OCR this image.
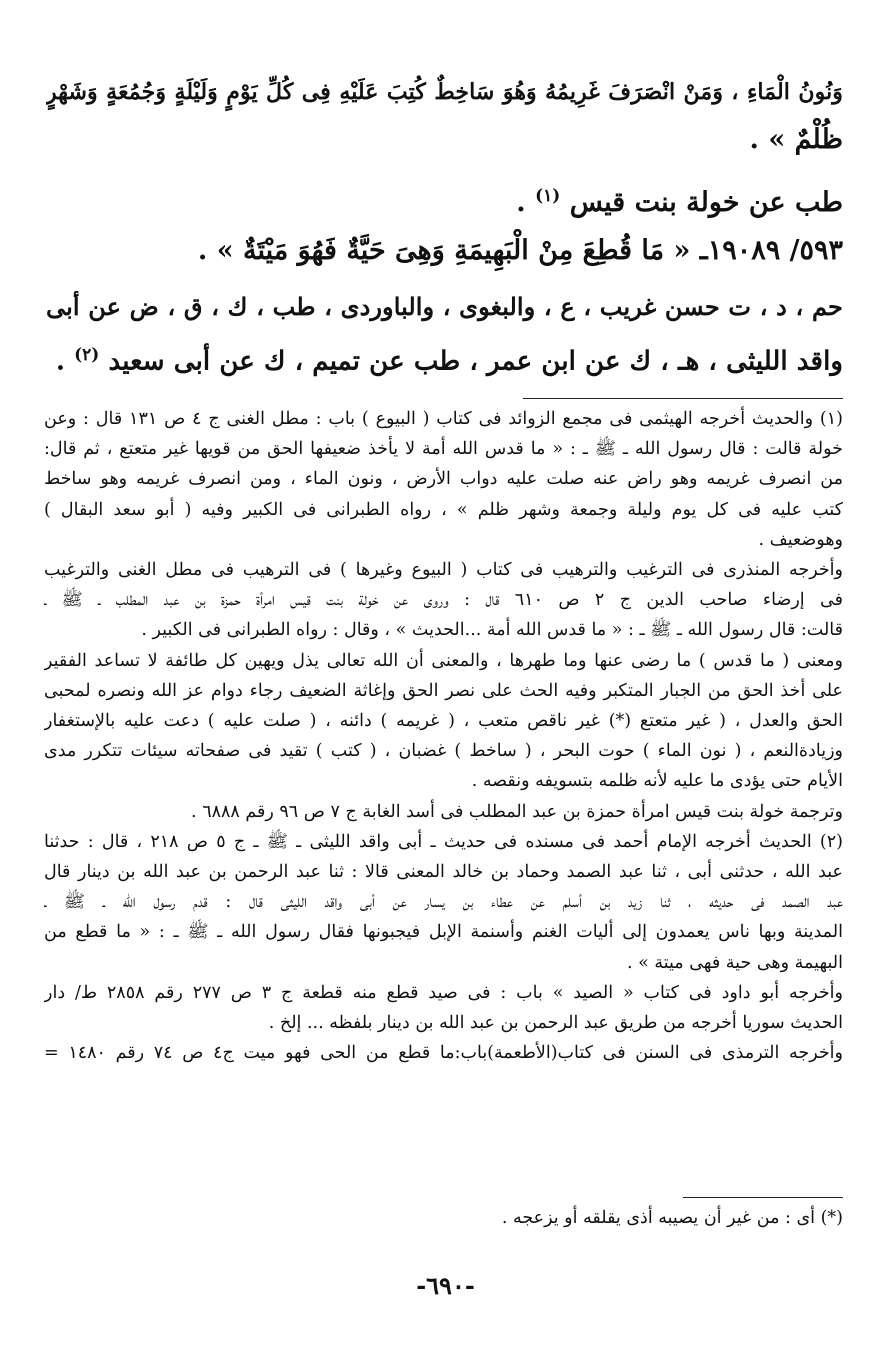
وَنُونُ الْمَاءِ ، وَمَنْ انْصَرَفَ غَرِيمُهُ وَهُوَ سَاخِطٌ كُتِبَ عَلَيْهِ فِى كُلِّ يَوْمٍ وَلَيْلَةٍ وَجُمُعَةٍ وَشَهْرٍ
ظُلْمٌ » .
طب عن خولة بنت قيس $^{(١)}$ .
٥٩٣/ ١٩٠٨٩ـ « مَا قُطِعَ مِنْ الْبَهِيمَةِ وَهِىَ حَيَّةٌ فَهُوَ مَيْتَةٌ » .
حم ، د ، ت حسن غريب ، ع ، والبغوى ، والباوردى ، طب ، ك ، ق ، ض عن أبى
واقد الليثى ، هـ ، ك عن ابن عمر ، طب عن تميم ، ك عن أبى سعيد $^{(٢)}$ .
(١) والحديث أخرجه الهيثمى فى مجمع الزوائد فى كتاب ( البيوع ) باب : مطل الغنى ج ٤ ص ١٣١ قال : وعن
خولة قالت : قال رسول الله ـ ﷺ ـ : « ما قدس الله أمة لا يأخذ ضعيفها الحق من قويها غير متعتع ، ثم قال:
من انصرف غريمه وهو راض عنه صلت عليه دواب الأرض ، ونون الماء ، ومن انصرف غريمه وهو ساخط
كتب عليه فى كل يوم وليلة وجمعة وشهر ظلم » ، رواه الطبرانى فى الكبير وفيه ( أبو سعد البقال )
وهوضعيف .
وأخرجه المنذرى فى الترغيب والترهيب فى كتاب ( البيوع وغيرها ) فى الترهيب فى مطل الغنى والترغيب
فى إرضاء صاحب الدين ج ٢ ص ٦١٠ قال : وروى عن خولة بنت قيس امرأة حمزة بن عبد المطلب ـ ﷺ ـ
قالت: قال رسول الله ـ ﷺ ـ : « ما قدس الله أمة ...الحديث » ، وقال : رواه الطبرانى فى الكبير .
ومعنى ( ما قدس ) ما رضى عنها وما طهرها ، والمعنى أن الله تعالى يذل ويهين كل طائفة لا تساعد الفقير
على أخذ الحق من الجبار المتكبر وفيه الحث على نصر الحق وإغاثة الضعيف رجاء دوام عز الله ونصره لمحبى
الحق والعدل ، ( غير متعتع (*) غير ناقص متعب ، ( غريمه ) دائنه ، ( صلت عليه ) دعت عليه بالإستغفار
وزيادةالنعم ، ( نون الماء ) حوت البحر ، ( ساخط ) غضبان ، ( كتب ) تقيد فى صفحاته سيئات تتكرر مدى
الأيام حتى يؤدى ما عليه لأنه ظلمه بتسويفه ونقصه .
وترجمة خولة بنت قيس امرأة حمزة بن عبد المطلب فى أسد الغابة ج ٧ ص ٩٦ رقم ٦٨٨٨ .
(٢) الحديث أخرجه الإمام أحمد فى مسنده فى حديث ـ أبى واقد الليثى ـ ﷺ ـ ج ٥ ص ٢١٨ ، قال : حدثنا
عبد الله ، حدثنى أبى ، ثنا عبد الصمد وحماد بن خالد المعنى قالا : ثنا عبد الرحمن بن عبد الله بن دينار قال
عبد الصمد فى حديثه ، ثنا زيد بن أسلم عن عطاء بن يسار عن أبى واقد الليثى قال : قدم رسول الله ـ ﷺ ـ
المدينة وبها ناس يعمدون إلى أليات الغنم وأسنمة الإبل فيجبونها فقال رسول الله ـ ﷺ ـ : « ما قطع من
البهيمة وهى حية فهى ميتة » .
وأخرجه أبو داود فى كتاب « الصيد » باب : فى صيد قطع منه قطعة ج ٣ ص ٢٧٧ رقم ٢٨٥٨ ط/ دار
الحديث سوريا أخرجه من طريق عبد الرحمن بن عبد الله بن دينار بلفظه ... إلخ .
وأخرجه الترمذى فى السنن فى كتاب(الأطعمة)باب:ما قطع من الحى فهو ميت ج٤ ص ٧٤ رقم ١٤٨٠ =
(*) أى : من غير أن يصيبه أذى يقلقه أو يزعجه .
-٦٩٠-
